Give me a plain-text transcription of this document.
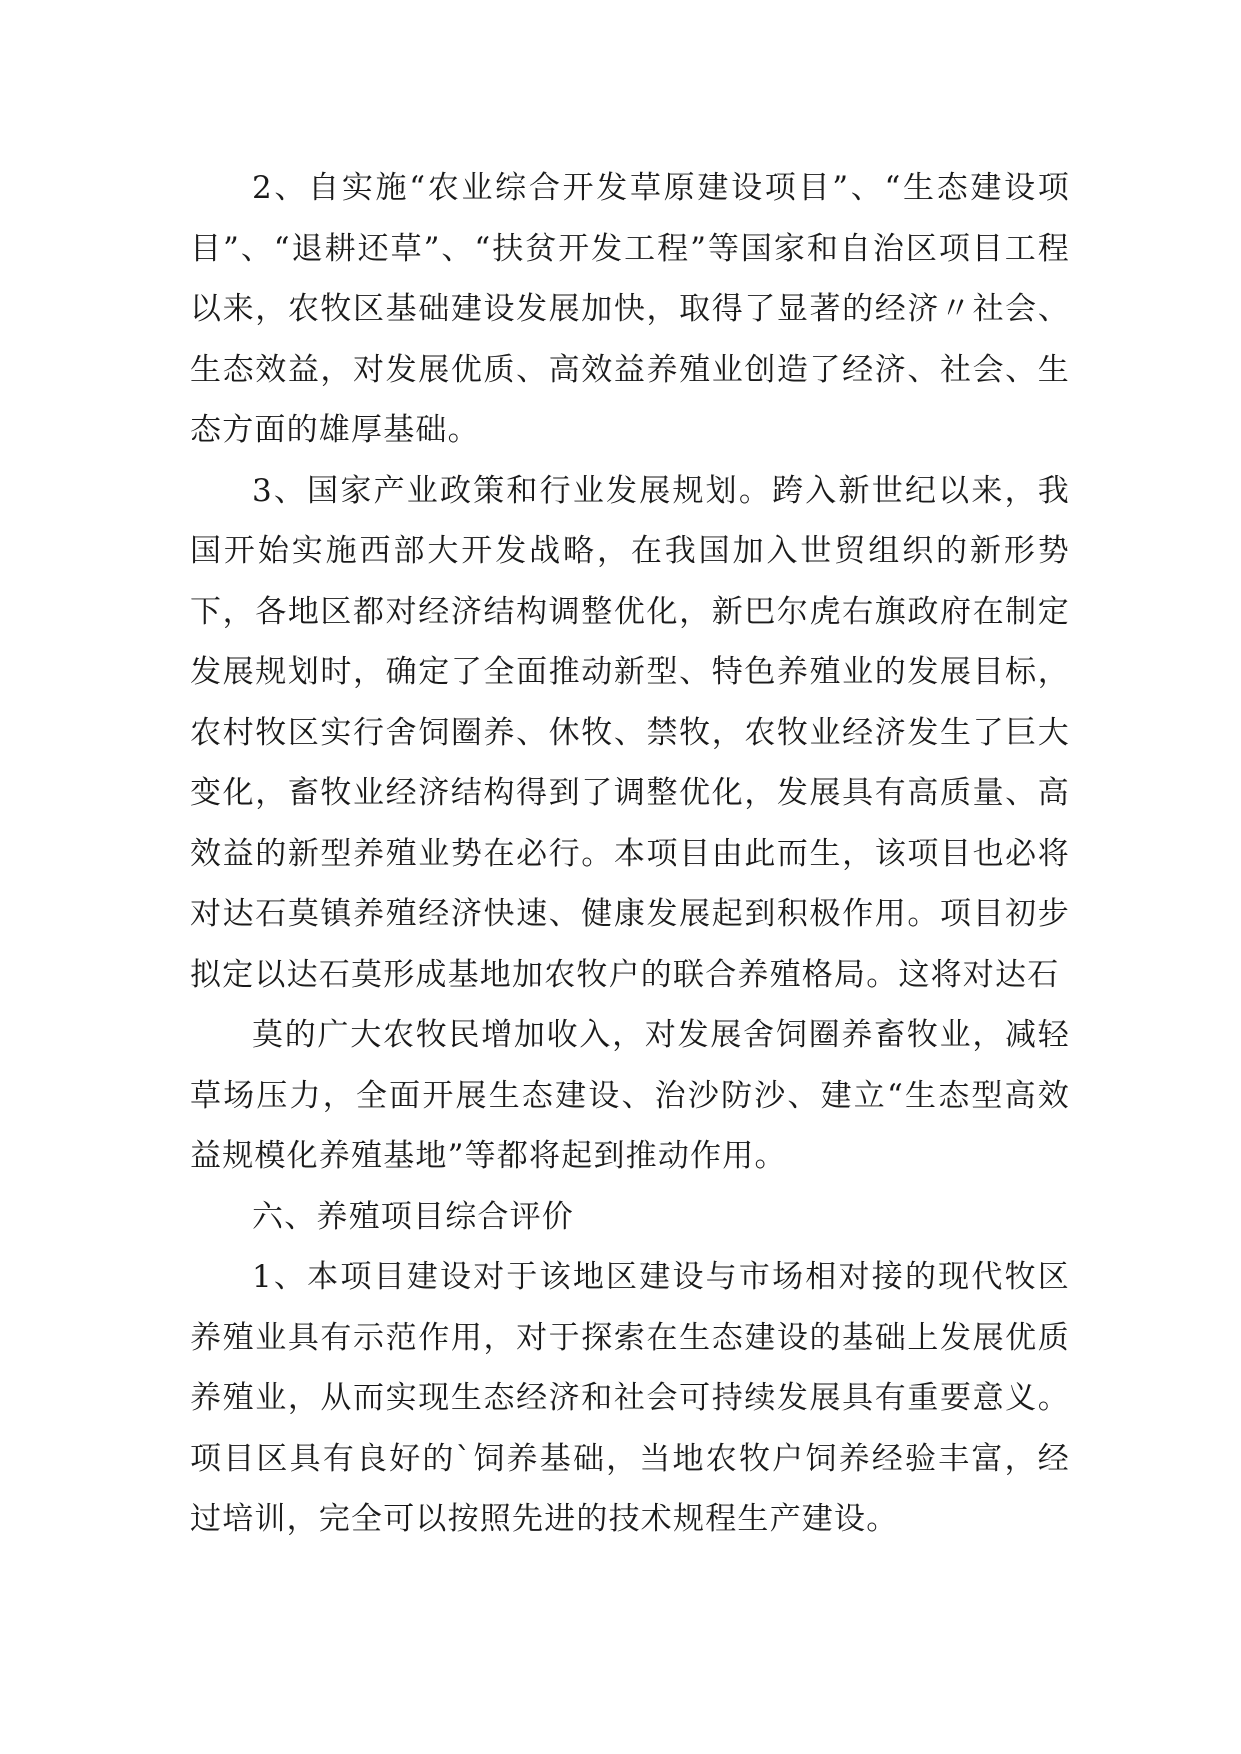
2、自实施“农业综合开发草原建设项目”、“生态建设项目”、“退耕还草”、“扶贫开发工程”等国家和自治区项目工程以来，农牧区基础建设发展加快，取得了显著的经济〃社会、生态效益，对发展优质、高效益养殖业创造了经济、社会、生态方面的雄厚基础。

3、国家产业政策和行业发展规划。跨入新世纪以来，我国开始实施西部大开发战略，在我国加入世贸组织的新形势下，各地区都对经济结构调整优化，新巴尔虎右旗政府在制定发展规划时，确定了全面推动新型、特色养殖业的发展目标，农村牧区实行舍饲圈养、休牧、禁牧，农牧业经济发生了巨大变化，畜牧业经济结构得到了调整优化，发展具有高质量、高效益的新型养殖业势在必行。本项目由此而生，该项目也必将对达石莫镇养殖经济快速、健康发展起到积极作用。项目初步拟定以达石莫形成基地加农牧户的联合养殖格局。这将对达石

莫的广大农牧民增加收入，对发展舍饲圈养畜牧业，减轻草场压力，全面开展生态建设、治沙防沙、建立“生态型高效益规模化养殖基地”等都将起到推动作用。

六、养殖项目综合评价

1、本项目建设对于该地区建设与市场相对接的现代牧区养殖业具有示范作用，对于探索在生态建设的基础上发展优质养殖业，从而实现生态经济和社会可持续发展具有重要意义。项目区具有良好的`饲养基础，当地农牧户饲养经验丰富，经过培训，完全可以按照先进的技术规程生产建设。
